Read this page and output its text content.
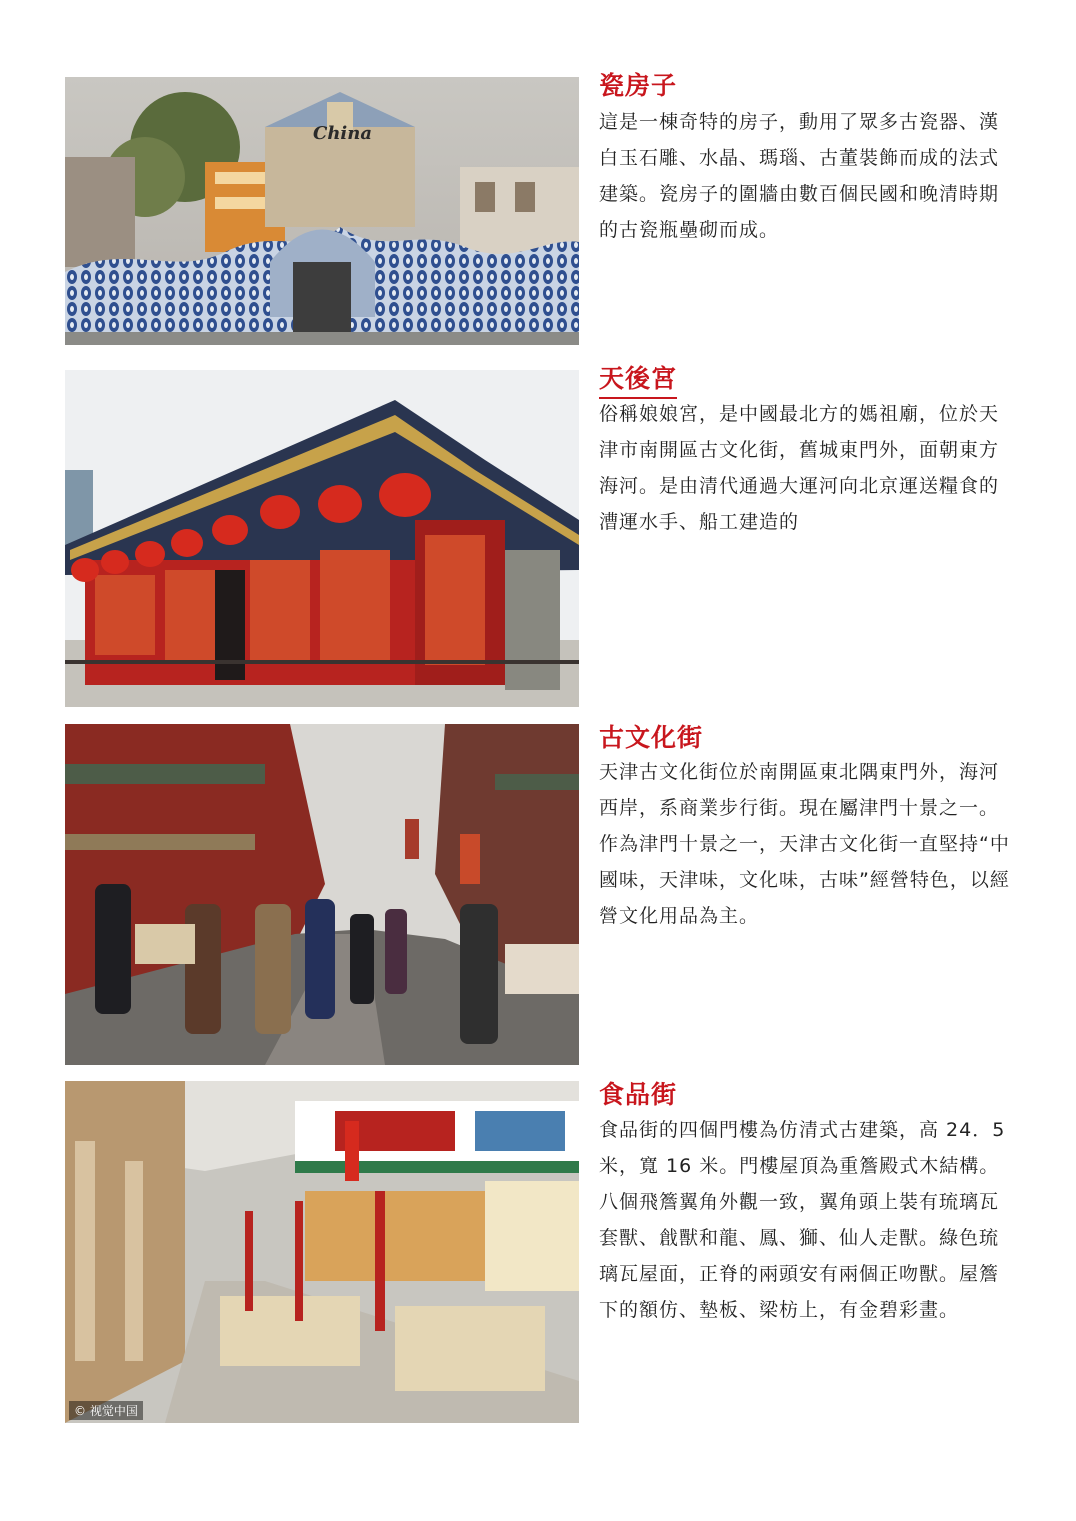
China
瓷房子

這是一棟奇特的房子，動用了眾多古瓷器、漢白玉石雕、水晶、瑪瑙、古董裝飾而成的法式建築。瓷房子的圍牆由數百個民國和晚清時期的古瓷瓶壘砌而成。

天後宮

俗稱娘娘宮，是中國最北方的媽祖廟，位於天津市南開區古文化街，舊城東門外，面朝東方海河。是由清代通過大運河向北京運送糧食的漕運水手、船工建造的

古文化街

天津古文化街位於南開區東北隅東門外，海河西岸，系商業步行街。現在屬津門十景之一。作為津門十景之一，天津古文化街一直堅持“中國味，天津味，文化味，古味”經營特色，以經營文化用品為主。

© 视觉中国
食品街

食品街的四個門樓為仿清式古建築，高 24．5 米，寬 16 米。門樓屋頂為重簷殿式木結構。八個飛簷翼角外觀一致，翼角頭上裝有琉璃瓦套獸、戧獸和龍、鳳、獅、仙人走獸。綠色琉璃瓦屋面，正脊的兩頭安有兩個正吻獸。屋簷下的額仿、墊板、梁枋上，有金碧彩畫。
